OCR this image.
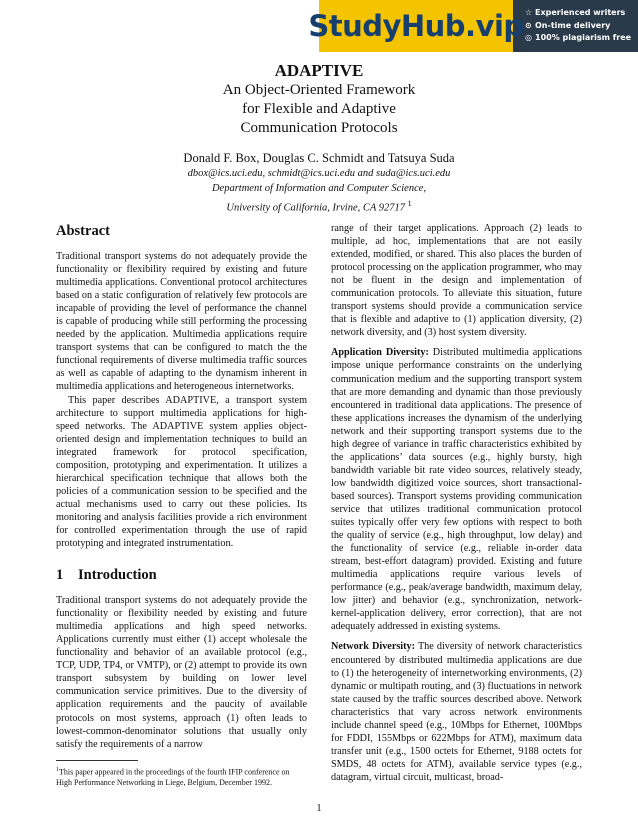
StudyHub.vip ☆ Experienced writers
⊙ On-time delivery
◎ 100% plagiarism free
ADAPTIVE
An Object-Oriented Framework
for Flexible and Adaptive
Communication Protocols
Donald F. Box, Douglas C. Schmidt and Tatsuya Suda
dbox@ics.uci.edu, schmidt@ics.uci.edu and suda@ics.uci.edu
Department of Information and Computer Science,
University of California, Irvine, CA 92717 $^1$
Abstract

Traditional transport systems do not adequately provide the functionality or flexibility required by existing and future multimedia applications. Conventional protocol architectures based on a static configuration of relatively few protocols are incapable of providing the level of performance the channel is capable of producing while still performing the processing needed by the application. Multimedia applications require transport systems that can be configured to match the the functional requirements of diverse multimedia traffic sources as well as capable of adapting to the dynamism inherent in multimedia applications and heterogeneous internetworks.

This paper describes ADAPTIVE, a transport system architecture to support multimedia applications for high-speed networks. The ADAPTIVE system applies object-oriented design and implementation techniques to build an integrated framework for protocol specification, composition, prototyping and experimentation. It utilizes a hierarchical specification technique that allows both the policies of a communication session to be specified and the actual mechanisms used to carry out these policies. Its monitoring and analysis facilities provide a rich environment for controlled experimentation through the use of rapid prototyping and integrated instrumentation.

1 Introduction

Traditional transport systems do not adequately provide the functionality or flexibility needed by existing and future multimedia applications and high speed networks. Applications currently must either (1) accept wholesale the functionality and behavior of an available protocol (e.g., TCP, UDP, TP4, or VMTP), or (2) attempt to provide its own transport subsystem by building on lower level communication service primitives. Due to the diversity of application requirements and the paucity of available protocols on most systems, approach (1) often leads to lowest-common-denominator solutions that usually only satisfy the requirements of a narrow

$^1$This paper appeared in the proceedings of the fourth IFIP conference on High Performance Networking in Liege, Belgium, December 1992.

range of their target applications. Approach (2) leads to multiple, ad hoc, implementations that are not easily extended, modified, or shared. This also places the burden of protocol processing on the application programmer, who may not be fluent in the design and implementation of communication protocols. To alleviate this situation, future transport systems should provide a communication service that is flexible and adaptive to (1) application diversity, (2) network diversity, and (3) host system diversity.

Application Diversity: Distributed multimedia applications impose unique performance constraints on the underlying communication medium and the supporting transport system that are more demanding and dynamic than those previously encountered in traditional data applications. The presence of these applications increases the dynamism of the underlying network and their supporting transport systems due to the high degree of variance in traffic characteristics exhibited by the applications’ data sources (e.g., highly bursty, high bandwidth variable bit rate video sources, relatively steady, low bandwidth digitized voice sources, short transactional-based sources). Transport systems providing communication service that utilizes traditional communication protocol suites typically offer very few options with respect to both the quality of service (e.g., high throughput, low delay) and the functionality of service (e.g., reliable in-order data stream, best-effort datagram) provided. Existing and future multimedia applications require various levels of performance (e.g., peak/average bandwidth, maximum delay, low jitter) and behavior (e.g., synchronization, network-kernel-application delivery, error correction), that are not adequately addressed in existing systems.

Network Diversity: The diversity of network characteristics encountered by distributed multimedia applications are due to (1) the heterogeneity of internetworking environments, (2) dynamic or multipath routing, and (3) fluctuations in network state caused by the traffic sources described above. Network characteristics that vary across network environments include channel speed (e.g., 10Mbps for Ethernet, 100Mbps for FDDI, 155Mbps or 622Mbps for ATM), maximum data transfer unit (e.g., 1500 octets for Ethernet, 9188 octets for SMDS, 48 octets for ATM), available service types (e.g., datagram, virtual circuit, multicast, broad-

1
